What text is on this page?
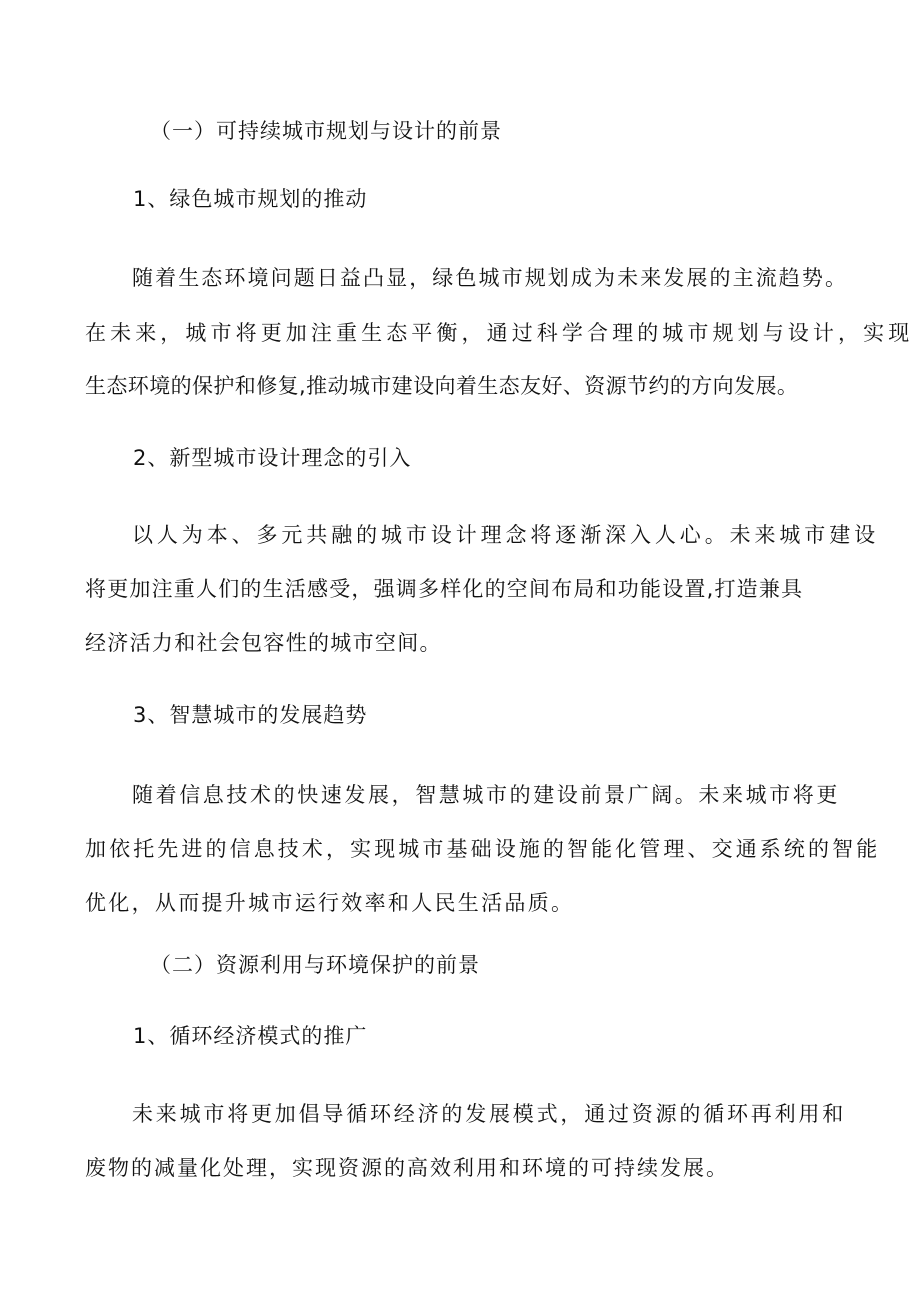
（一）可持续城市规划与设计的前景
1、绿色城市规划的推动
随着生态环境问题日益凸显，绿色城市规划成为未来发展的主流趋势。
在未来，城市将更加注重生态平衡，通过科学合理的城市规划与设计，实现
生态环境的保护和修复,推动城市建设向着生态友好、资源节约的方向发展。
2、新型城市设计理念的引入
以人为本、多元共融的城市设计理念将逐渐深入人心。未来城市建设
将更加注重人们的生活感受，强调多样化的空间布局和功能设置,打造兼具
经济活力和社会包容性的城市空间。
3、智慧城市的发展趋势
随着信息技术的快速发展，智慧城市的建设前景广阔。未来城市将更
加依托先进的信息技术，实现城市基础设施的智能化管理、交通系统的智能
优化，从而提升城市运行效率和人民生活品质。
（二）资源利用与环境保护的前景
1、循环经济模式的推广
未来城市将更加倡导循环经济的发展模式，通过资源的循环再利用和
废物的减量化处理，实现资源的高效利用和环境的可持续发展。
